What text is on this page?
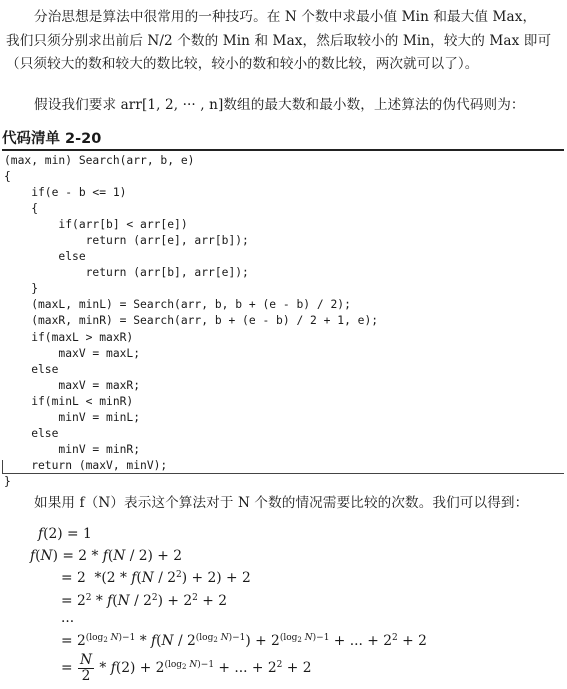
分治思想是算法中很常用的一种技巧。在 N 个数中求最小值 Min 和最大值 Max，
我们只须分别求出前后 N/2 个数的 Min 和 Max，然后取较小的 Min，较大的 Max 即可
（只须较大的数和较大的数比较，较小的数和较小的数比较，两次就可以了）。
假设我们要求 arr[1, 2, ··· , n]数组的最大数和最小数，上述算法的伪代码则为：
代码清单 2-20
(max, min) Search(arr, b, e)
{
if(e - b <= 1)
{
if(arr[b] < arr[e])
return (arr[e], arr[b]);
else
return (arr[b], arr[e]);
}
(maxL, minL) = Search(arr, b, b + (e - b) / 2);
(maxR, minR) = Search(arr, b + (e - b) / 2 + 1, e);
if(maxL > maxR)
maxV = maxL;
else
maxV = maxR;
if(minL < minR)
minV = minL;
else
minV = minR;
return (maxV, minV);
}

如果用 f（N）表示这个算法对于 N 个数的情况需要比较的次数。我们可以得到：
f(2) = 1
f(N) = 2 * f(N / 2) + 2
= 2  $*(2 * f(N / 2^2) + 2) + 2$
= $2^2 * f(N / 2^2) + 2^2 + 2$
···
= $2^{(log_2 N)-1} * f(N / 2^{(log_2 N)-1}) + 2^{(log_2 N)-1}$ + ... + $2^2 + 2$
= $\frac{N}{2} * f(2) + 2^{(log_2 N)-1}$ + ... + $2^2 + 2$
